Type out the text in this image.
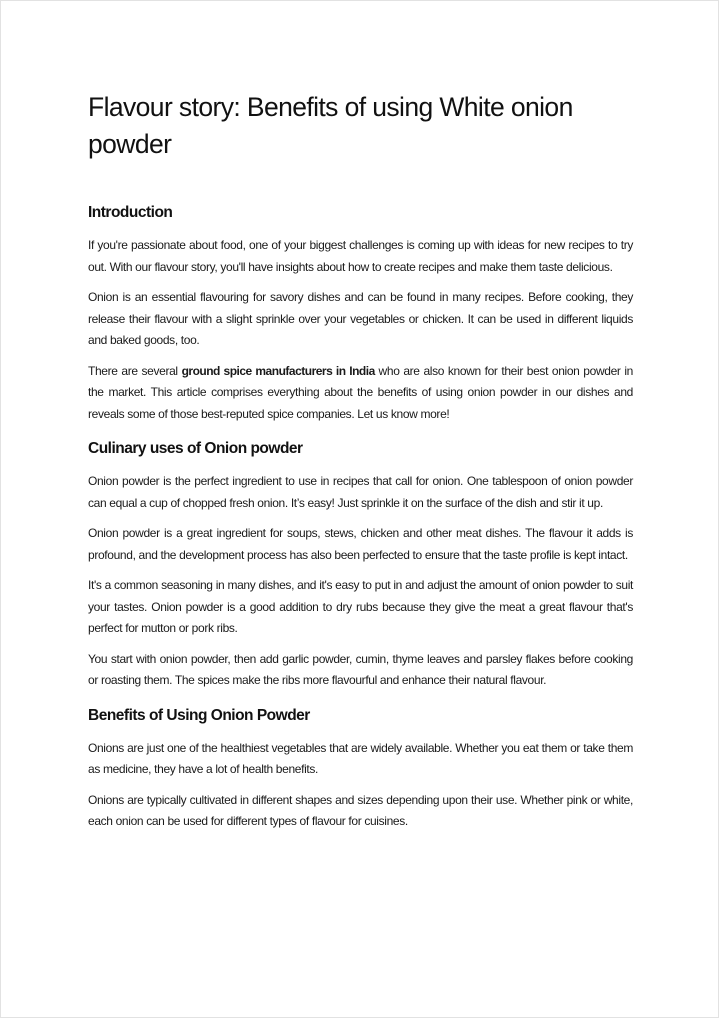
Flavour story: Benefits of using White onion powder
Introduction

If you're passionate about food, one of your biggest challenges is coming up with ideas for new recipes to try out. With our flavour story, you'll have insights about how to create recipes and make them taste delicious.

Onion is an essential flavouring for savory dishes and can be found in many recipes. Before cooking, they release their flavour with a slight sprinkle over your vegetables or chicken. It can be used in different liquids and baked goods, too.

There are several ground spice manufacturers in India who are also known for their best onion powder in the market. This article comprises everything about the benefits of using onion powder in our dishes and reveals some of those best-reputed spice companies. Let us know more!

Culinary uses of Onion powder

Onion powder is the perfect ingredient to use in recipes that call for onion. One tablespoon of onion powder can equal a cup of chopped fresh onion. It’s easy! Just sprinkle it on the surface of the dish and stir it up.

Onion powder is a great ingredient for soups, stews, chicken and other meat dishes. The flavour it adds is profound, and the development process has also been perfected to ensure that the taste profile is kept intact.

It's a common seasoning in many dishes, and it's easy to put in and adjust the amount of onion powder to suit your tastes. Onion powder is a good addition to dry rubs because they give the meat a great flavour that's perfect for mutton or pork ribs.

You start with onion powder, then add garlic powder, cumin, thyme leaves and parsley flakes before cooking or roasting them. The spices make the ribs more flavourful and enhance their natural flavour.

Benefits of Using Onion Powder

Onions are just one of the healthiest vegetables that are widely available. Whether you eat them or take them as medicine, they have a lot of health benefits.

Onions are typically cultivated in different shapes and sizes depending upon their use. Whether pink or white, each onion can be used for different types of flavour for cuisines.
